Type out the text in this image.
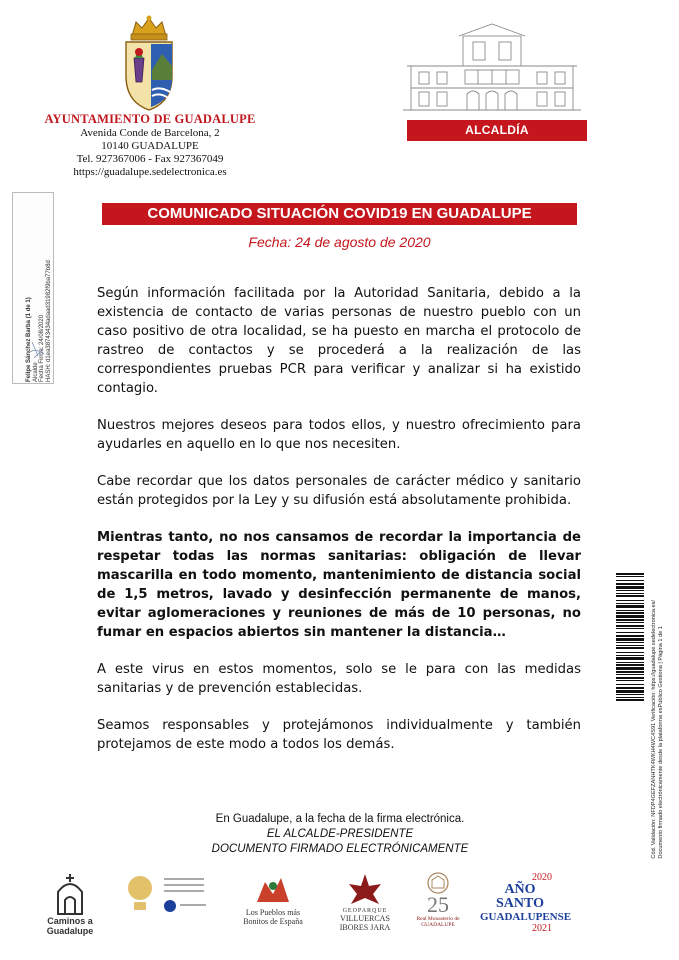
AYUNTAMIENTO DE GUADALUPE
Avenida Conde de Barcelona, 2
10140 GUADALUPE
Tel. 927367006 - Fax 927367049
https://guadalupe.sedelectronica.es
ALCALDÍA
Felipe Sánchez Barba (1 de 1) Alcalde Fecha Firma: 24/08/2020 HASH: d1ea38743434adaad31982f9ba77b8d
COMUNICADO SITUACIÓN COVID19 EN GUADALUPE
Fecha: 24 de agosto de 2020

Según información facilitada por la Autoridad Sanitaria, debido a la existencia de contacto de varias personas de nuestro pueblo con un caso positivo de otra localidad, se ha puesto en marcha el protocolo de rastreo de contactos y se procederá a la realización de las correspondientes pruebas PCR para verificar y analizar si ha existido contagio.

Nuestros mejores deseos para todos ellos, y nuestro ofrecimiento para ayudarles en aquello en lo que nos necesiten.

Cabe recordar que los datos personales de carácter médico y sanitario están protegidos por la Ley y su difusión está absolutamente prohibida.

Mientras tanto, no nos cansamos de recordar la importancia de respetar todas las normas sanitarias: obligación de llevar mascarilla en todo momento, mantenimiento de distancia social de 1,5 metros, lavado y desinfección permanente de manos, evitar aglomeraciones y reuniones de más de 10 personas, no fumar en espacios abiertos sin mantener la distancia…

A este virus en estos momentos, solo se le para con las medidas sanitarias y de prevención establecidas.

Seamos responsables y protejámonos individualmente y también protejamos de este modo a todos los demás.

En Guadalupe, a la fecha de la firma electrónica.
EL ALCALDE-PRESIDENTE
DOCUMENTO FIRMADO ELECTRÓNICAMENTE	Cód. Validación: NFDP4GEFZANHTK4WKH4WC4S91 Verificación: https://guadalupe.sedelectronica.es/ Documento firmado electrónicamente desde la plataforma esPublico Gestiona | Página 1 de 1
Caminos a Guadalupe
Los Pueblos más Bonitos de España
GEOPARQUE
VILLUERCAS IBORES JARA
25
Real Monasterio de GUADALUPE
2020
AÑO SANTO
GUADALUPENSE
2021
